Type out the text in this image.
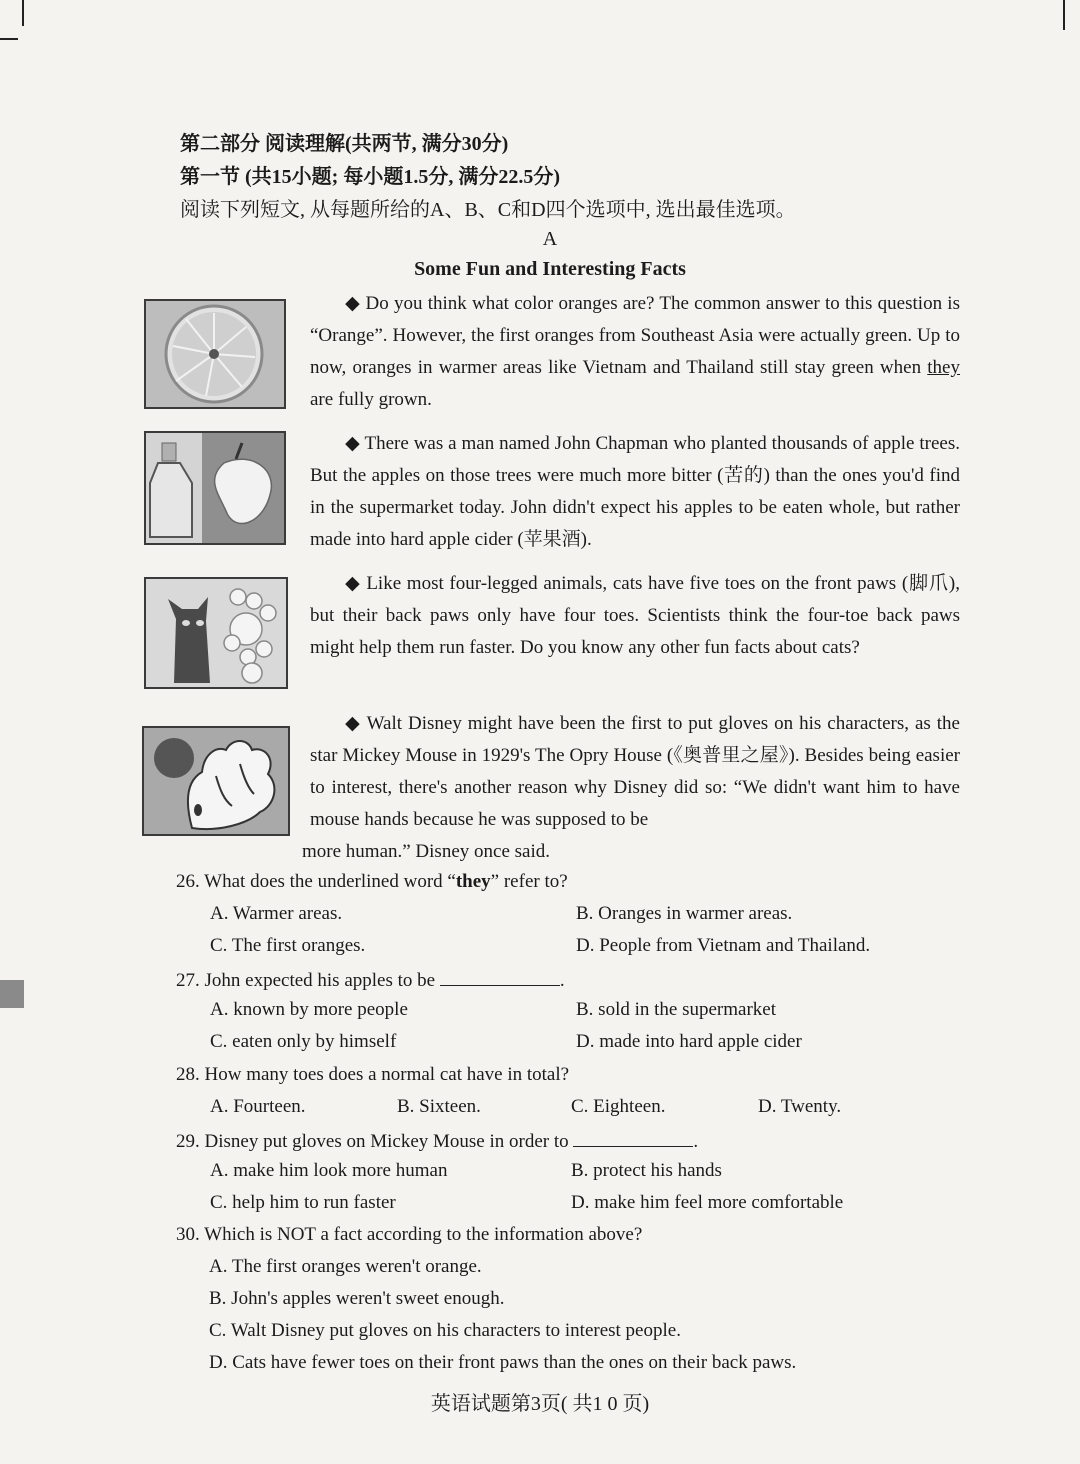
第二部分 阅读理解(共两节, 满分30分)
第一节 (共15小题; 每小题1.5分, 满分22.5分)
阅读下列短文, 从每题所给的A、B、C和D四个选项中, 选出最佳选项。
A
Some Fun and Interesting Facts

◆ Do you think what color oranges are? The common answer to this question is “Orange”. However, the first oranges from Southeast Asia were actually green. Up to now, oranges in warmer areas like Vietnam and Thailand still stay green when they are fully grown.

◆ There was a man named John Chapman who planted thousands of apple trees. But the apples on those trees were much more bitter (苦的) than the ones you'd find in the supermarket today. John didn't expect his apples to be eaten whole, but rather made into hard apple cider (苹果酒).

◆ Like most four-legged animals, cats have five toes on the front paws (脚爪), but their back paws only have four toes. Scientists think the four-toe back paws might help them run faster. Do you know any other fun facts about cats?

◆ Walt Disney might have been the first to put gloves on his characters, as the star Mickey Mouse in 1929's The Opry House (《奥普里之屋》). Besides being easier to interest, there's another reason why Disney did so: “We didn't want him to have mouse hands because he was supposed to be

more human.” Disney once said.
26. What does the underlined word “they” refer to?
A. Warmer areas.	B. Oranges in warmer areas.
C. The first oranges.	D. People from Vietnam and Thailand.
27. John expected his apples to be	.
A. known by more people	B. sold in the supermarket
C. eaten only by himself	D. made into hard apple cider
28. How many toes does a normal cat have in total?
A. Fourteen.	B. Sixteen.	C. Eighteen.	D. Twenty.
29. Disney put gloves on Mickey Mouse in order to	.
A. make him look more human	B. protect his hands
C. help him to run faster	D. make him feel more comfortable
30. Which is NOT a fact according to the information above?
A. The first oranges weren't orange.
B. John's apples weren't sweet enough.
C. Walt Disney put gloves on his characters to interest people.
D. Cats have fewer toes on their front paws than the ones on their back paws.
英语试题第3页( 共1 0 页)
